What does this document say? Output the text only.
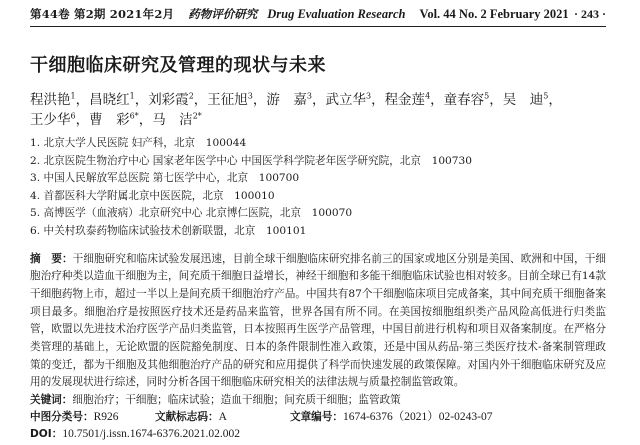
第44卷 第2期 2021年2月 药物评价研究 Drug Evaluation Research Vol. 44 No. 2 February 2021 · 243 ·
干细胞临床研究及管理的现状与未来
程洪艳$^1$，昌晓红$^1$，刘彩霞$^2$，王征旭$^3$，游　嘉$^3$，武立华$^3$，程金莲$^4$，童春容$^5$，吴　迪$^5$，王少华$^6$，曹　彩$^{6*}$，马　洁$^{2*}$
1. 北京大学人民医院 妇产科，北京　100044
2. 北京医院生物治疗中心 国家老年医学中心 中国医学科学院老年医学研究院，北京　100730
3. 中国人民解放军总医院 第七医学中心，北京　100700
4. 首都医科大学附属北京中医医院，北京　100010
5. 高博医学（血液病）北京研究中心 北京博仁医院，北京　100070
6. 中关村玖泰药物临床试验技术创新联盟，北京　100101
摘　要：干细胞研究和临床试验发展迅速，目前全球干细胞临床研究排名前三的国家或地区分别是美国、欧洲和中国，干细胞治疗种类以造血干细胞为主，间充质干细胞日益增长，神经干细胞和多能干细胞临床试验也相对较多。目前全球已有14款干细胞药物上市，超过一半以上是间充质干细胞治疗产品。中国共有87个干细胞临床项目完成备案，其中间充质干细胞备案项目最多。细胞治疗是按照医疗技术还是药品来监管，世界各国有所不同。在美国按细胞组织类产品风险高低进行归类监管，欧盟以先进技术治疗医学产品归类监管，日本按照再生医学产品管理，中国目前进行机构和项目双备案制度。在严格分类管理的基础上，无论欧盟的医院豁免制度、日本的条件限制性准入政策，还是中国从药品-第三类医疗技术-备案制管理政策的变迁，都为干细胞及其他细胞治疗产品的研究和应用提供了科学而快速发展的政策保障。对国内外干细胞临床研究及应用的发展现状进行综述，同时分析各国干细胞临床研究相关的法律法规与质量控制监管政策。
关键词：细胞治疗；干细胞；临床试验；造血干细胞；间充质干细胞；监管政策
中图分类号：R926	文献标志码：A	文章编号：1674-6376（2021）02-0243-07
DOI：10.7501/j.issn.1674-6376.2021.02.002
